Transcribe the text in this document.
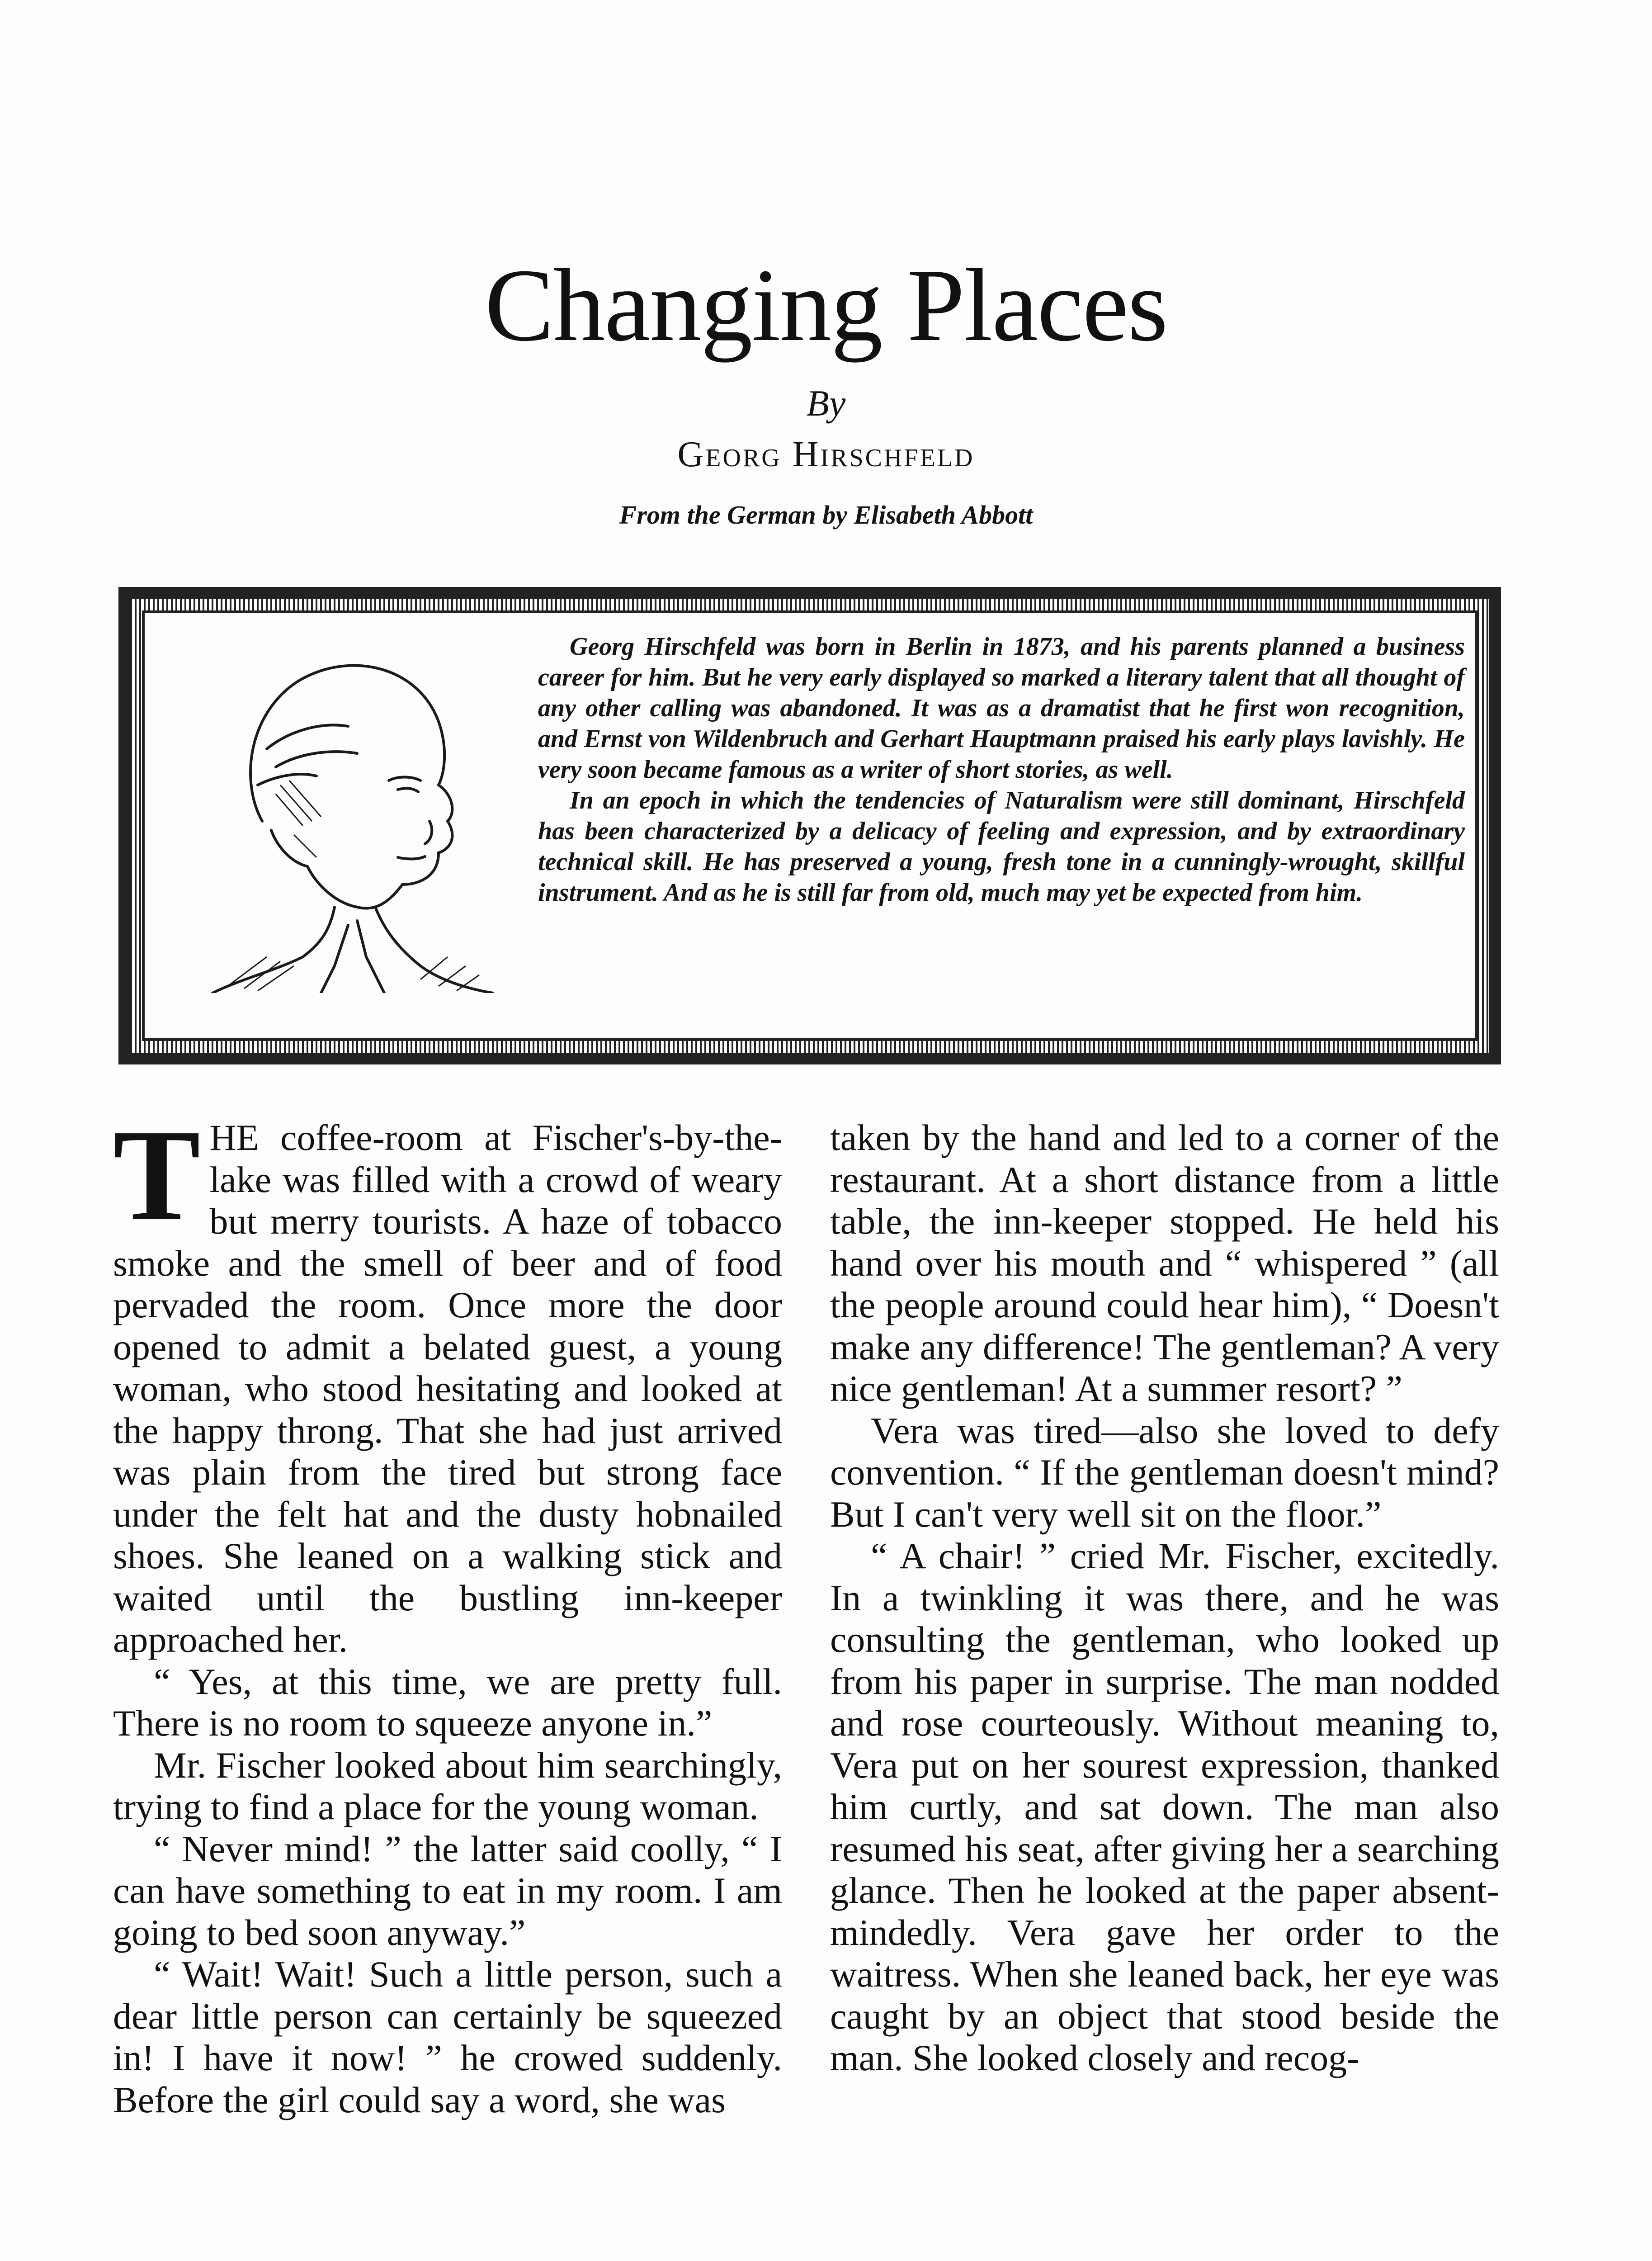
Changing Places
By
Georg Hirschfeld
From the German by Elisabeth Abbott

Georg Hirschfeld was born in Berlin in 1873, and his parents planned a business career for him. But he very early displayed so marked a literary talent that all thought of any other calling was abandoned. It was as a dramatist that he first won recognition, and Ernst von Wildenbruch and Gerhart Hauptmann praised his early plays lavishly. He very soon became famous as a writer of short stories, as well.

In an epoch in which the tendencies of Naturalism were still dominant, Hirschfeld has been characterized by a delicacy of feeling and expression, and by extraordinary technical skill. He has preserved a young, fresh tone in a cunningly-wrought, skillful instrument. And as he is still far from old, much may yet be expected from him.

THE coffee-room at Fischer's-by-the-lake was filled with a crowd of weary but merry tourists. A haze of tobacco smoke and the smell of beer and of food pervaded the room. Once more the door opened to admit a belated guest, a young woman, who stood hesitating and looked at the happy throng. That she had just arrived was plain from the tired but strong face under the felt hat and the dusty hobnailed shoes. She leaned on a walking stick and waited until the bustling inn-keeper approached her.

“ Yes, at this time, we are pretty full. There is no room to squeeze anyone in.”

Mr. Fischer looked about him searchingly, trying to find a place for the young woman.

“ Never mind! ” the latter said coolly, “ I can have something to eat in my room. I am going to bed soon anyway.”

“ Wait! Wait! Such a little person, such a dear little person can certainly be squeezed in! I have it now! ” he crowed suddenly. Before the girl could say a word, she was

taken by the hand and led to a corner of the restaurant. At a short distance from a little table, the inn-keeper stopped. He held his hand over his mouth and “ whispered ” (all the people around could hear him), “ Doesn't make any difference! The gentleman? A very nice gentleman! At a summer resort? ”

Vera was tired—also she loved to defy convention. “ If the gentleman doesn't mind? But I can't very well sit on the floor.”

“ A chair! ” cried Mr. Fischer, excitedly. In a twinkling it was there, and he was consulting the gentleman, who looked up from his paper in surprise. The man nodded and rose courteously. Without meaning to, Vera put on her sourest expression, thanked him curtly, and sat down. The man also resumed his seat, after giving her a searching glance. Then he looked at the paper absent-mindedly. Vera gave her order to the waitress. When she leaned back, her eye was caught by an object that stood beside the man. She looked closely and recog-
